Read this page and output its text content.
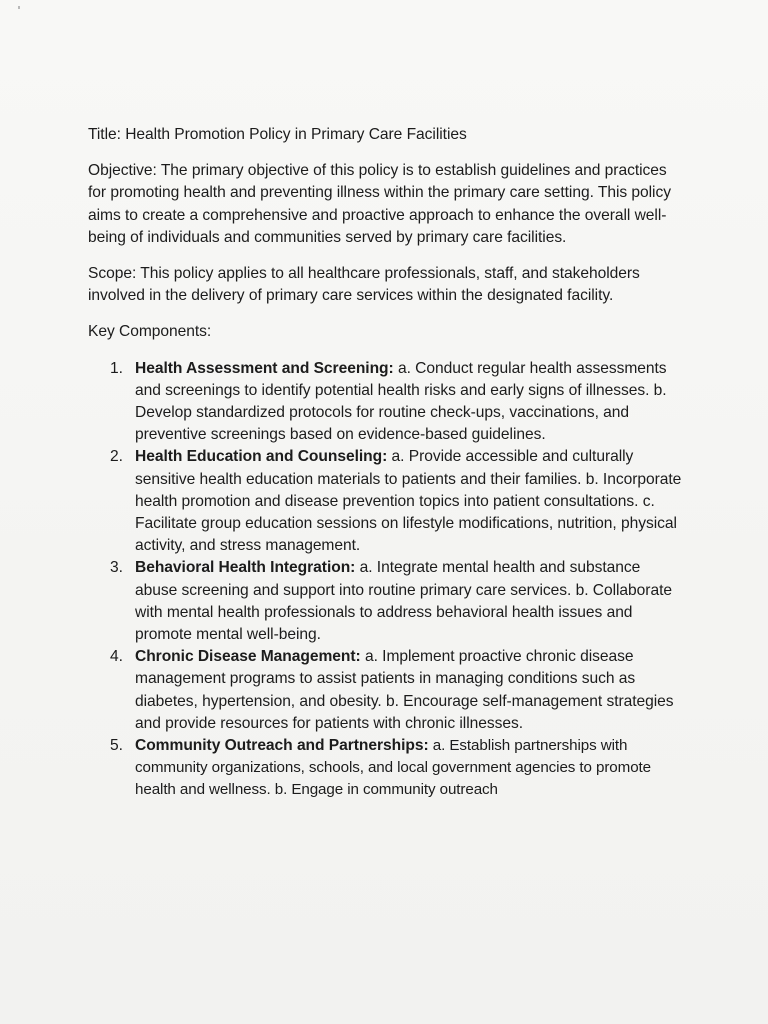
Title: Health Promotion Policy in Primary Care Facilities

Objective: The primary objective of this policy is to establish guidelines and practices for promoting health and preventing illness within the primary care setting. This policy aims to create a comprehensive and proactive approach to enhance the overall well-being of individuals and communities served by primary care facilities.

Scope: This policy applies to all healthcare professionals, staff, and stakeholders involved in the delivery of primary care services within the designated facility.

Key Components:

1. Health Assessment and Screening: a. Conduct regular health assessments and screenings to identify potential health risks and early signs of illnesses. b. Develop standardized protocols for routine check-ups, vaccinations, and preventive screenings based on evidence-based guidelines.
2. Health Education and Counseling: a. Provide accessible and culturally sensitive health education materials to patients and their families. b. Incorporate health promotion and disease prevention topics into patient consultations. c. Facilitate group education sessions on lifestyle modifications, nutrition, physical activity, and stress management.
3. Behavioral Health Integration: a. Integrate mental health and substance abuse screening and support into routine primary care services. b. Collaborate with mental health professionals to address behavioral health issues and promote mental well-being.
4. Chronic Disease Management: a. Implement proactive chronic disease management programs to assist patients in managing conditions such as diabetes, hypertension, and obesity. b. Encourage self-management strategies and provide resources for patients with chronic illnesses.
5. Community Outreach and Partnerships: a. Establish partnerships with community organizations, schools, and local government agencies to promote health and wellness. b. Engage in community outreach
